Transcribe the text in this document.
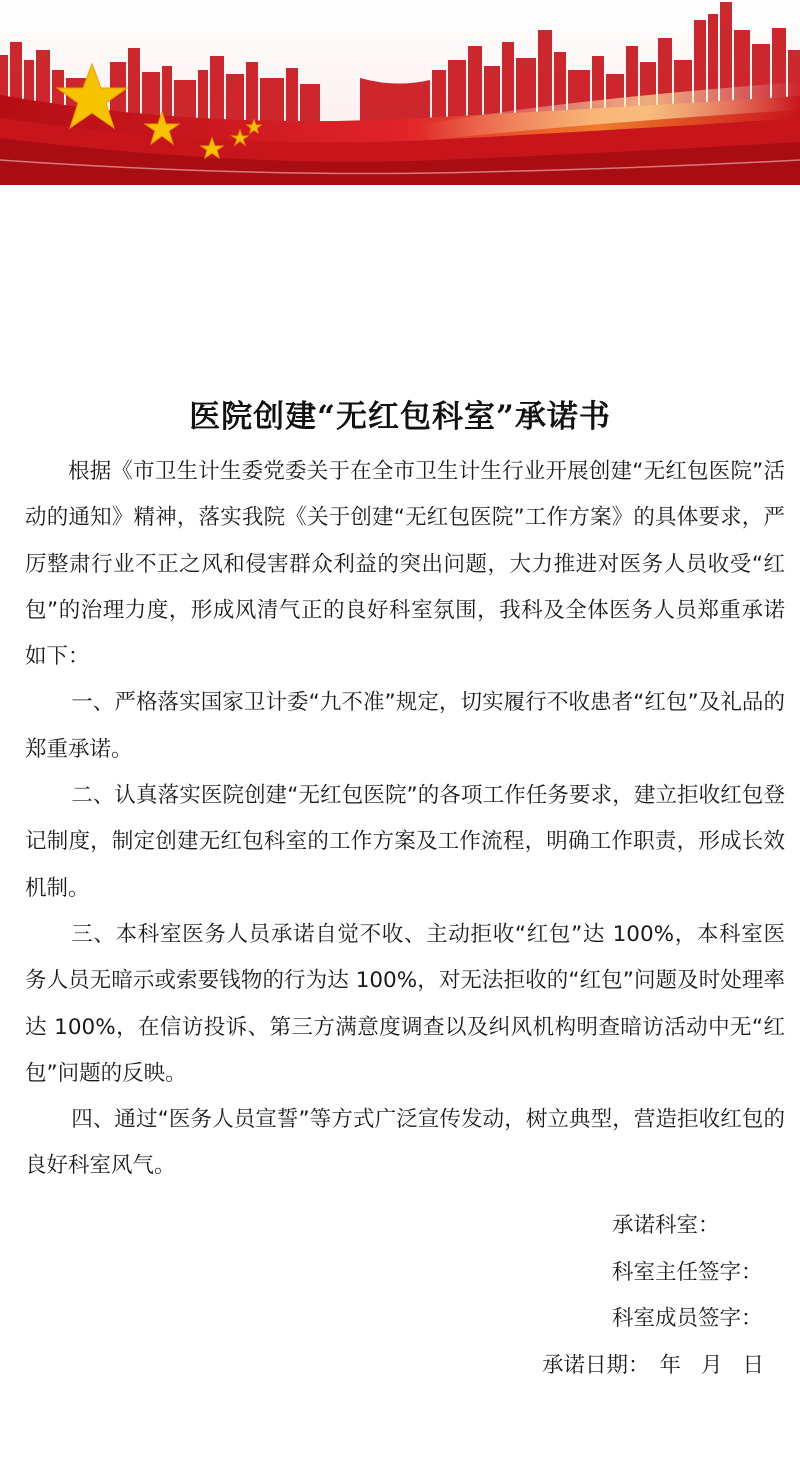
医院创建“无红包科室”承诺书

根据《市卫生计生委党委关于在全市卫生计生行业开展创建“无红包医院”活动的通知》精神，落实我院《关于创建“无红包医院”工作方案》的具体要求，严厉整肃行业不正之风和侵害群众利益的突出问题，大力推进对医务人员收受“红包”的治理力度，形成风清气正的良好科室氛围，我科及全体医务人员郑重承诺如下：

一、严格落实国家卫计委“九不准”规定，切实履行不收患者“红包”及礼品的郑重承诺。

二、认真落实医院创建“无红包医院”的各项工作任务要求，建立拒收红包登记制度，制定创建无红包科室的工作方案及工作流程，明确工作职责，形成长效机制。

三、本科室医务人员承诺自觉不收、主动拒收“红包”达 100%，本科室医务人员无暗示或索要钱物的行为达 100%，对无法拒收的“红包”问题及时处理率达 100%，在信访投诉、第三方满意度调查以及纠风机构明查暗访活动中无“红包”问题的反映。

四、通过“医务人员宣誓”等方式广泛宣传发动，树立典型，营造拒收红包的良好科室风气。

承诺科室：
科室主任签字：
科室成员签字：
承诺日期： 年 月 日
